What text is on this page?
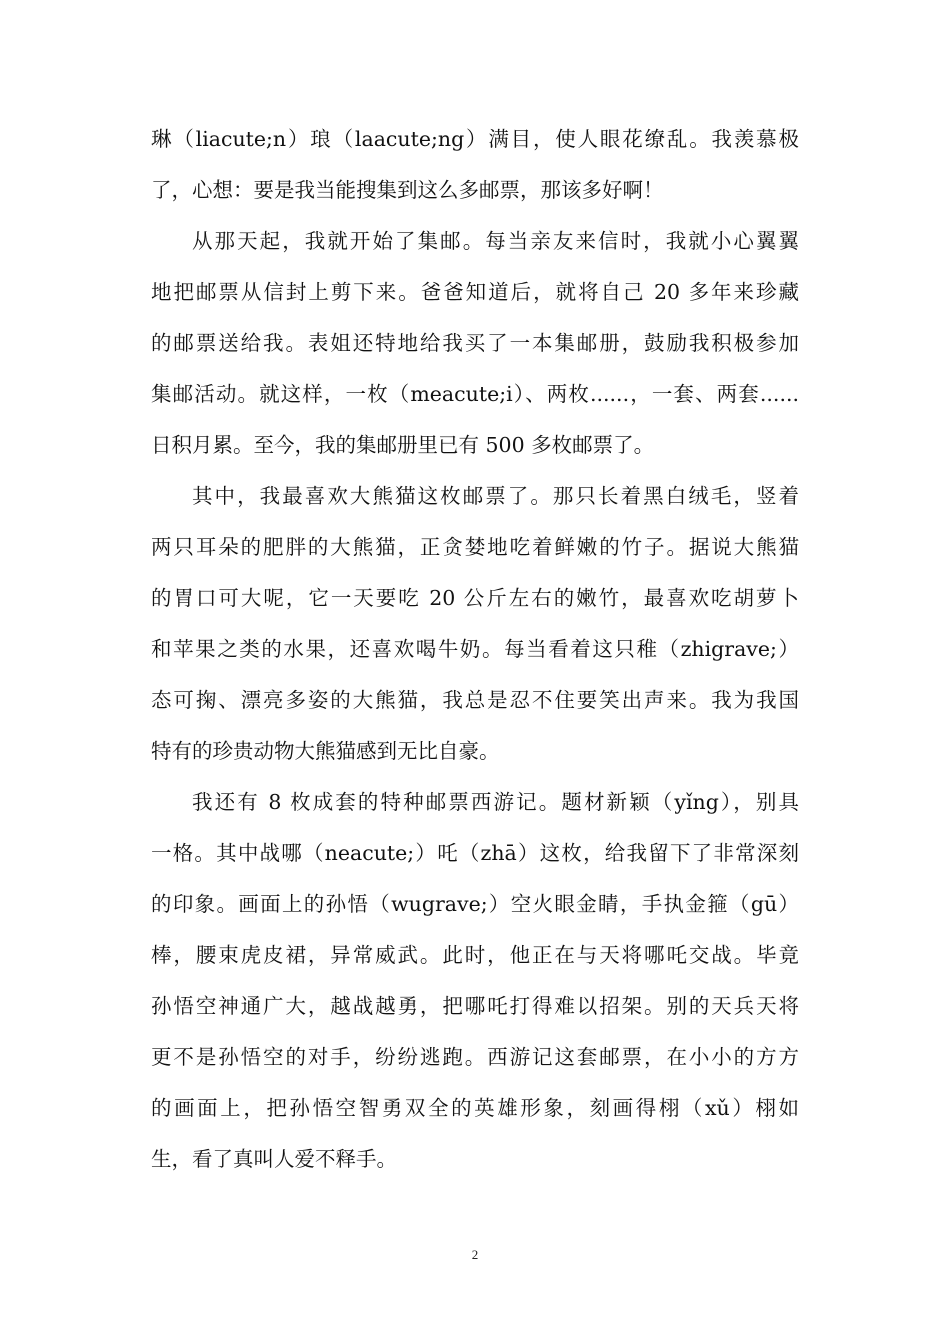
琳（liacute;n）琅（laacute;ng）满目，使人眼花缭乱。我羡慕极
了，心想：要是我当能搜集到这么多邮票，那该多好啊！
从那天起，我就开始了集邮。每当亲友来信时，我就小心翼翼
地把邮票从信封上剪下来。爸爸知道后，就将自己 20 多年来珍藏
的邮票送给我。表姐还特地给我买了一本集邮册，鼓励我积极参加
集邮活动。就这样，一枚（meacute;i）、两枚......，一套、两套......
日积月累。至今，我的集邮册里已有 500 多枚邮票了。
其中，我最喜欢大熊猫这枚邮票了。那只长着黑白绒毛，竖着
两只耳朵的肥胖的大熊猫，正贪婪地吃着鲜嫩的竹子。据说大熊猫
的胃口可大呢，它一天要吃 20 公斤左右的嫩竹，最喜欢吃胡萝卜
和苹果之类的水果，还喜欢喝牛奶。每当看着这只稚（zhigrave;）
态可掬、漂亮多姿的大熊猫，我总是忍不住要笑出声来。我为我国
特有的珍贵动物大熊猫感到无比自豪。
我还有 8 枚成套的特种邮票西游记。题材新颖（yǐng），别具
一格。其中战哪（neacute;）吒（zhā）这枚，给我留下了非常深刻
的印象。画面上的孙悟（wugrave;）空火眼金睛，手执金箍（gū）
棒，腰束虎皮裙，异常威武。此时，他正在与天将哪吒交战。毕竟
孙悟空神通广大，越战越勇，把哪吒打得难以招架。别的天兵天将
更不是孙悟空的对手，纷纷逃跑。西游记这套邮票，在小小的方方
的画面上，把孙悟空智勇双全的英雄形象，刻画得栩（xǔ）栩如
生，看了真叫人爱不释手。
2
